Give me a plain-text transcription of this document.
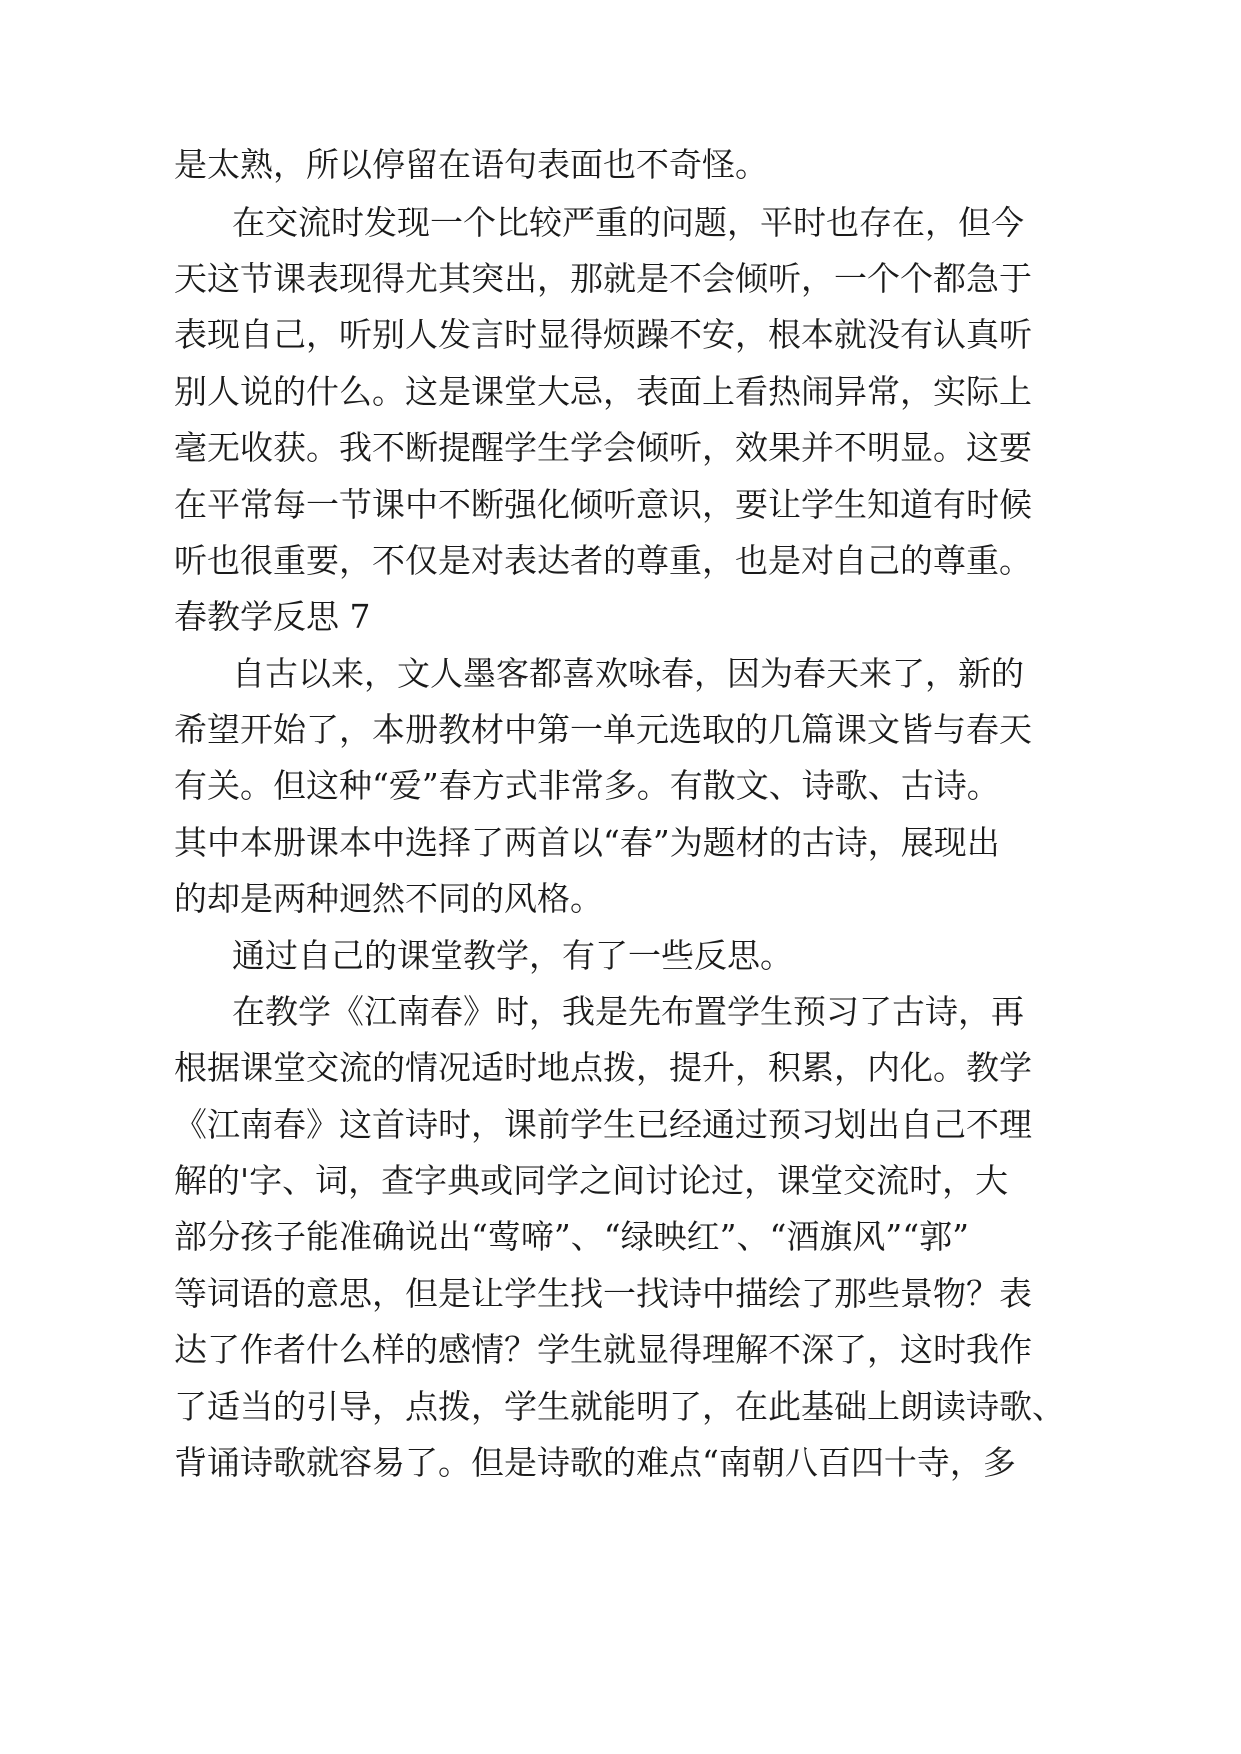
是太熟，所以停留在语句表面也不奇怪。
在交流时发现一个比较严重的问题，平时也存在，但今
天这节课表现得尤其突出，那就是不会倾听，一个个都急于
表现自己，听别人发言时显得烦躁不安，根本就没有认真听
别人说的什么。这是课堂大忌，表面上看热闹异常，实际上
毫无收获。我不断提醒学生学会倾听，效果并不明显。这要
在平常每一节课中不断强化倾听意识，要让学生知道有时候
听也很重要，不仅是对表达者的尊重，也是对自己的尊重。
春教学反思 7
自古以来，文人墨客都喜欢咏春，因为春天来了，新的
希望开始了，本册教材中第一单元选取的几篇课文皆与春天
有关。但这种“爱”春方式非常多。有散文、诗歌、古诗。
其中本册课本中选择了两首以“春”为题材的古诗，展现出
的却是两种迥然不同的风格。
通过自己的课堂教学，有了一些反思。
在教学《江南春》时，我是先布置学生预习了古诗，再
根据课堂交流的情况适时地点拨，提升，积累，内化。教学
《江南春》这首诗时，课前学生已经通过预习划出自己不理
解的'字、词，查字典或同学之间讨论过，课堂交流时，大
部分孩子能准确说出“莺啼”、“绿映红”、“酒旗风”“郭”
等词语的意思，但是让学生找一找诗中描绘了那些景物？表
达了作者什么样的感情？学生就显得理解不深了，这时我作
了适当的引导，点拨，学生就能明了，在此基础上朗读诗歌、
背诵诗歌就容易了。但是诗歌的难点“南朝八百四十寺，多
